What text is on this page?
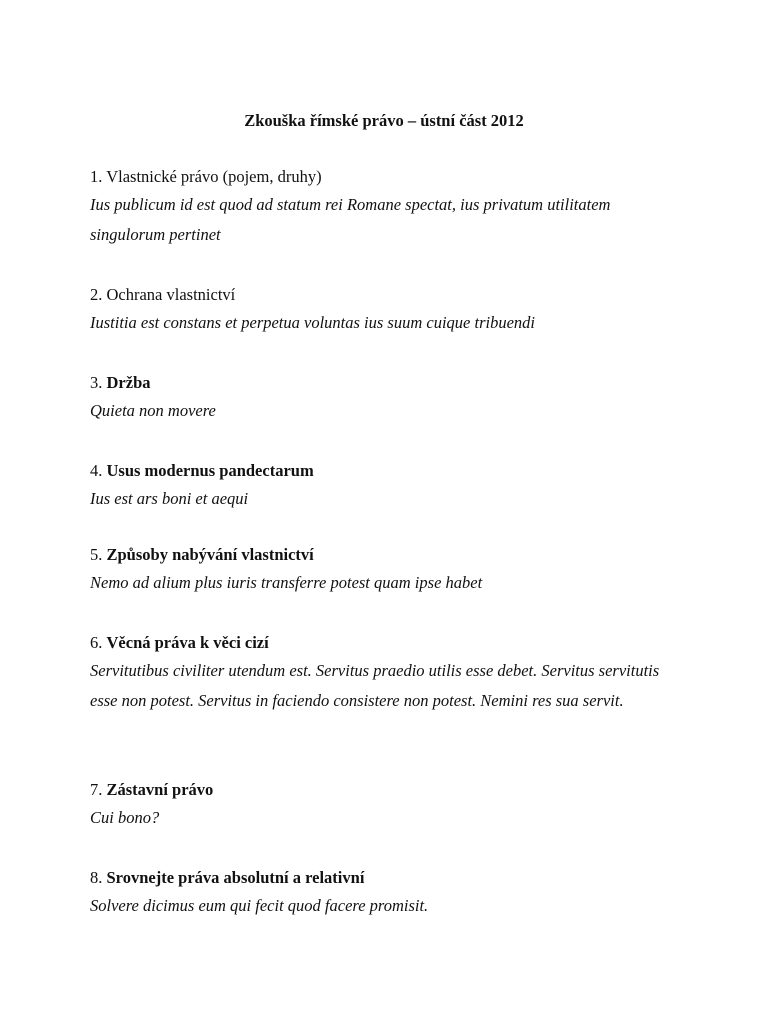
Zkouška římské právo – ústní část 2012

1. Vlastnické právo (pojem, druhy)

Ius publicum id est quod ad statum rei Romane spectat, ius privatum utilitatem singulorum pertinet

2. Ochrana vlastnictví

Iustitia est constans et perpetua voluntas ius suum cuique tribuendi

3. Držba

Quieta non movere

4. Usus modernus pandectarum

Ius est ars boni et aequi

5. Způsoby nabývání vlastnictví

Nemo ad alium plus iuris transferre potest quam ipse habet

6. Věcná práva k věci cizí

Servitutibus civiliter utendum est. Servitus praedio utilis esse debet. Servitus servitutis esse non potest. Servitus in faciendo consistere non potest. Nemini res sua servit.

7. Zástavní právo

Cui bono?

8. Srovnejte práva absolutní a relativní

Solvere dicimus eum qui fecit quod facere promisit.
